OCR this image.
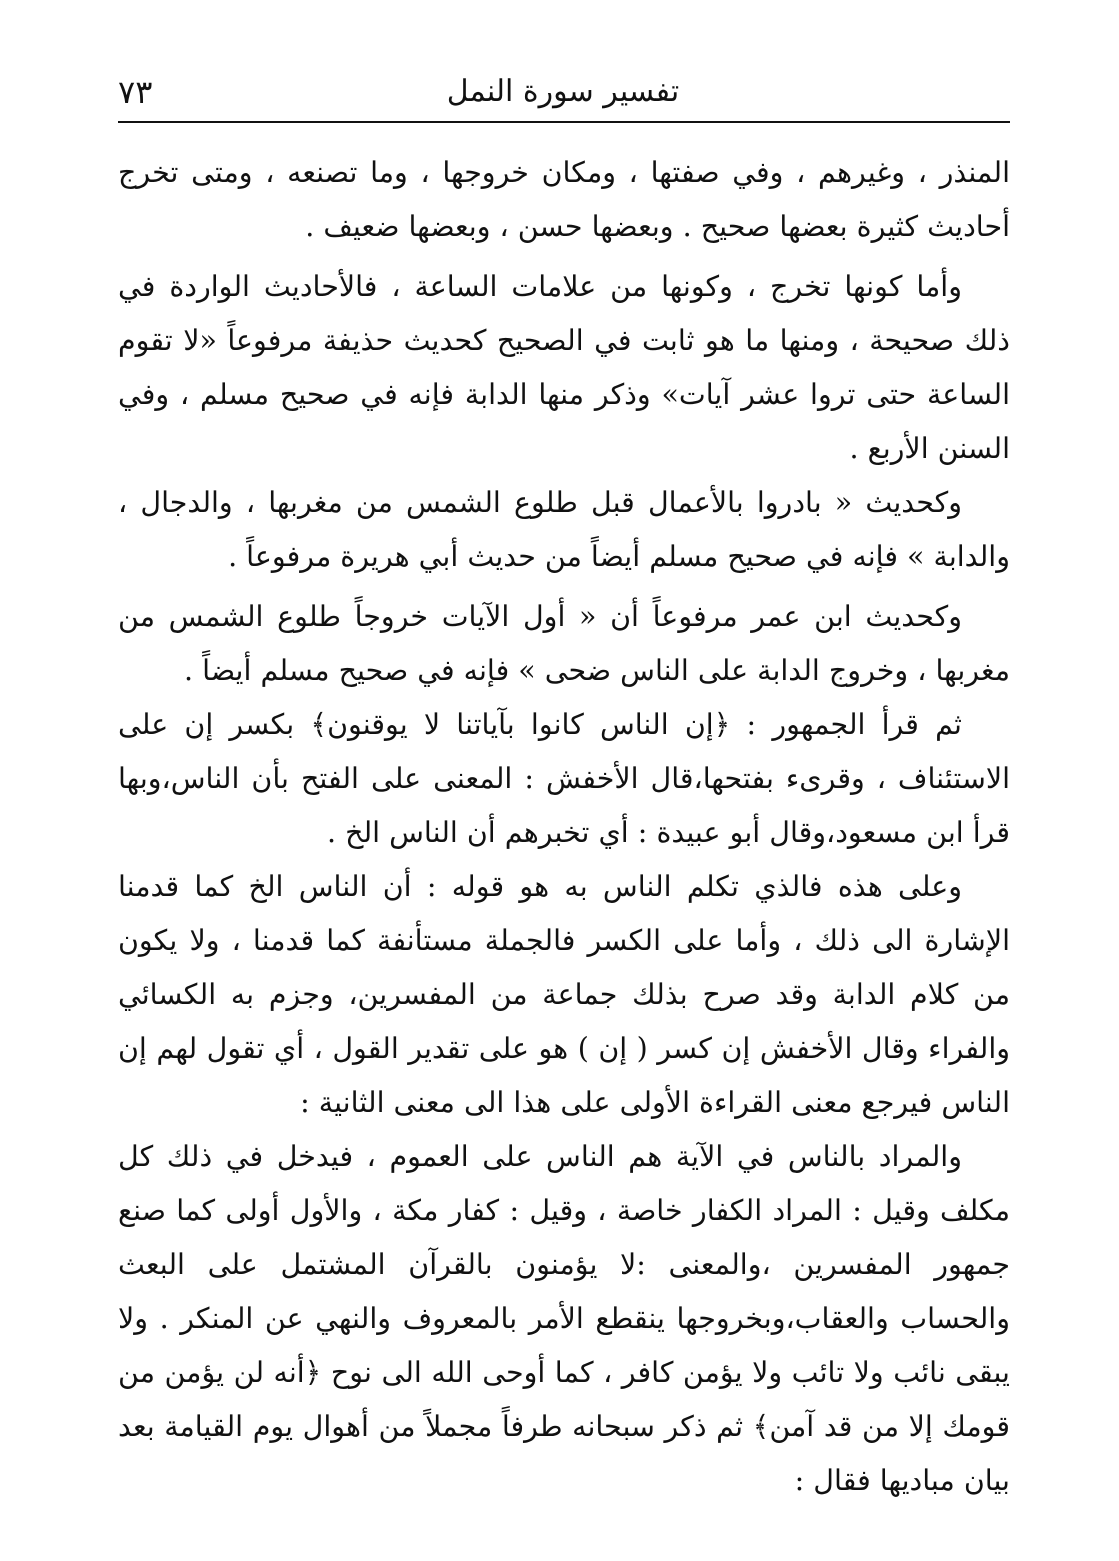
٧٣	تفسير سورة النمل

المنذر ، وغيرهم ، وفي صفتها ، ومكان خروجها ، وما تصنعه ، ومتى تخرج أحاديث كثيرة بعضها صحيح . وبعضها حسن ، وبعضها ضعيف .

وأما كونها تخرج ، وكونها من علامات الساعة ، فالأحاديث الواردة في ذلك صحيحة ، ومنها ما هو ثابت في الصحيح كحديث حذيفة مرفوعاً «لا تقوم الساعة حتى تروا عشر آيات» وذكر منها الدابة فإنه في صحيح مسلم ، وفي السنن الأربع .

وكحديث « بادروا بالأعمال قبل طلوع الشمس من مغربها ، والدجال ، والدابة » فإنه في صحيح مسلم أيضاً من حديث أبي هريرة مرفوعاً .

وكحديث ابن عمر مرفوعاً أن « أول الآيات خروجاً طلوع الشمس من مغربها ، وخروج الدابة على الناس ضحى » فإنه في صحيح مسلم أيضاً .

ثم قرأ الجمهور : ﴿إن الناس كانوا بآياتنا لا يوقنون﴾ بكسر إن على الاستئناف ، وقرىء بفتحها،قال الأخفش : المعنى على الفتح بأن الناس،وبها قرأ ابن مسعود،وقال أبو عبيدة : أي تخبرهم أن الناس الخ .

وعلى هذه فالذي تكلم الناس به هو قوله : أن الناس الخ كما قدمنا الإشارة الى ذلك ، وأما على الكسر فالجملة مستأنفة كما قدمنا ، ولا يكون من كلام الدابة وقد صرح بذلك جماعة من المفسرين، وجزم به الكسائي والفراء وقال الأخفش إن كسر ( إن ) هو على تقدير القول ، أي تقول لهم إن الناس فيرجع معنى القراءة الأولى على هذا الى معنى الثانية :

والمراد بالناس في الآية هم الناس على العموم ، فيدخل في ذلك كل مكلف وقيل : المراد الكفار خاصة ، وقيل : كفار مكة ، والأول أولى كما صنع جمهور المفسرين ،والمعنى :لا يؤمنون بالقرآن المشتمل على البعث والحساب والعقاب،وبخروجها ينقطع الأمر بالمعروف والنهي عن المنكر . ولا يبقى نائب ولا تائب ولا يؤمن كافر ، كما أوحى الله الى نوح ﴿أنه لن يؤمن من قومك إلا من قد آمن﴾ ثم ذكر سبحانه طرفاً مجملاً من أهوال يوم القيامة بعد بيان مباديها فقال :
